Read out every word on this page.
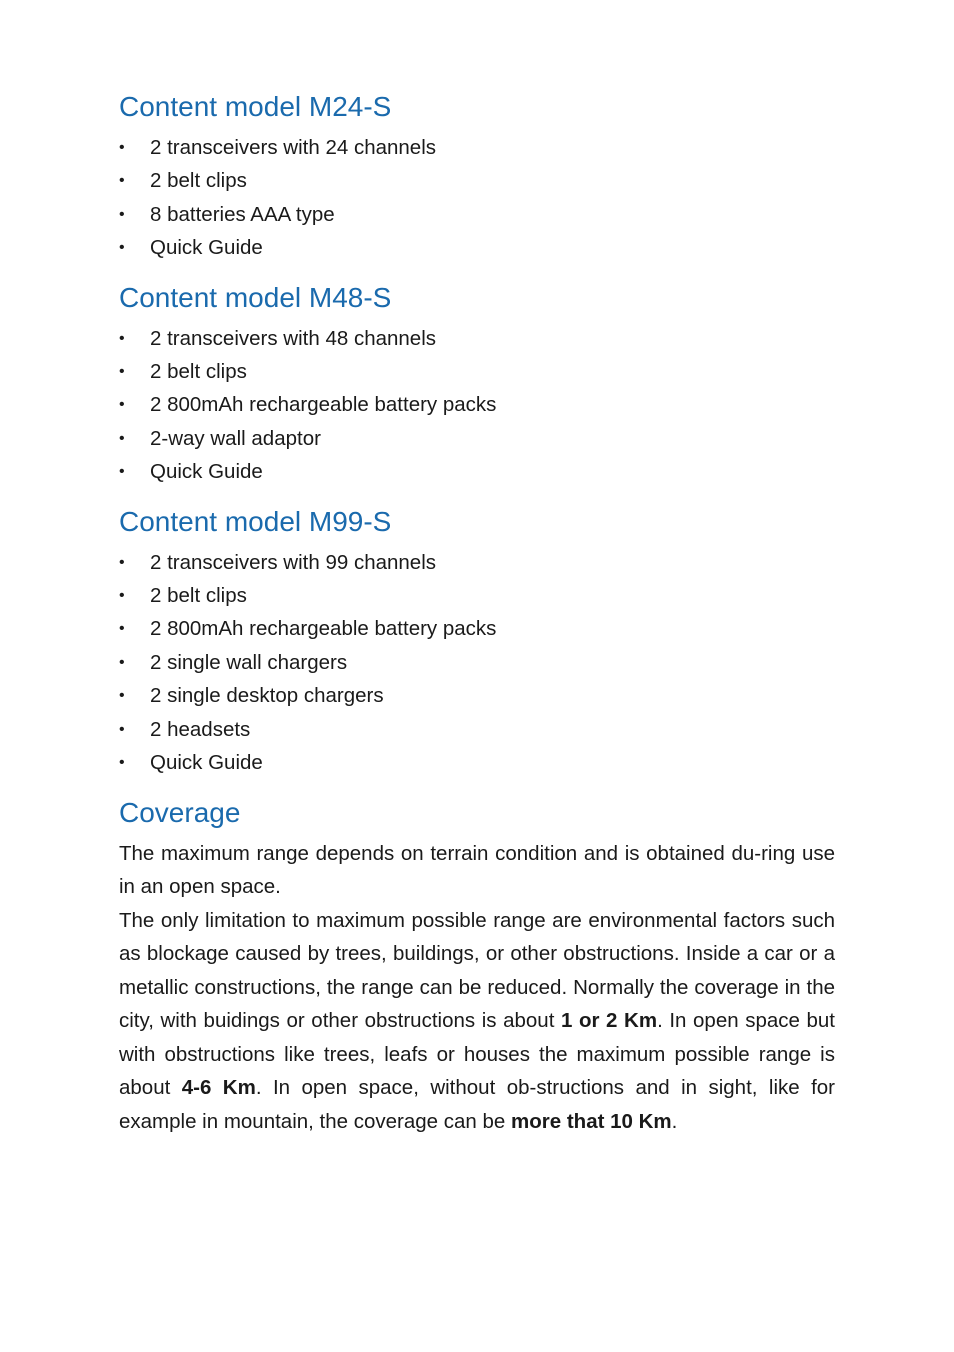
Content model M24-S
• 2 transceivers with 24 channels
• 2 belt clips
• 8 batteries AAA type
• Quick Guide
Content model M48-S
• 2 transceivers with 48 channels
• 2 belt clips
• 2 800mAh rechargeable battery packs
• 2-way wall adaptor
• Quick Guide
Content model M99-S
• 2 transceivers with 99 channels
• 2 belt clips
• 2 800mAh rechargeable battery packs
• 2 single wall chargers
• 2 single desktop chargers
• 2 headsets
• Quick Guide
Coverage

The maximum range depends on terrain condition and is obtained du-ring use in an open space.

The only limitation to maximum possible range are environmental factors such as blockage caused by trees, buildings, or other obstructions. Inside a car or a metallic constructions, the range can be reduced. Normally the coverage in the city, with buidings or other obstructions is about 1 or 2 Km. In open space but with obstructions like trees, leafs or houses the maximum possible range is about 4-6 Km. In open space, without ob-structions and in sight, like for example in mountain, the coverage can be more that 10 Km.
